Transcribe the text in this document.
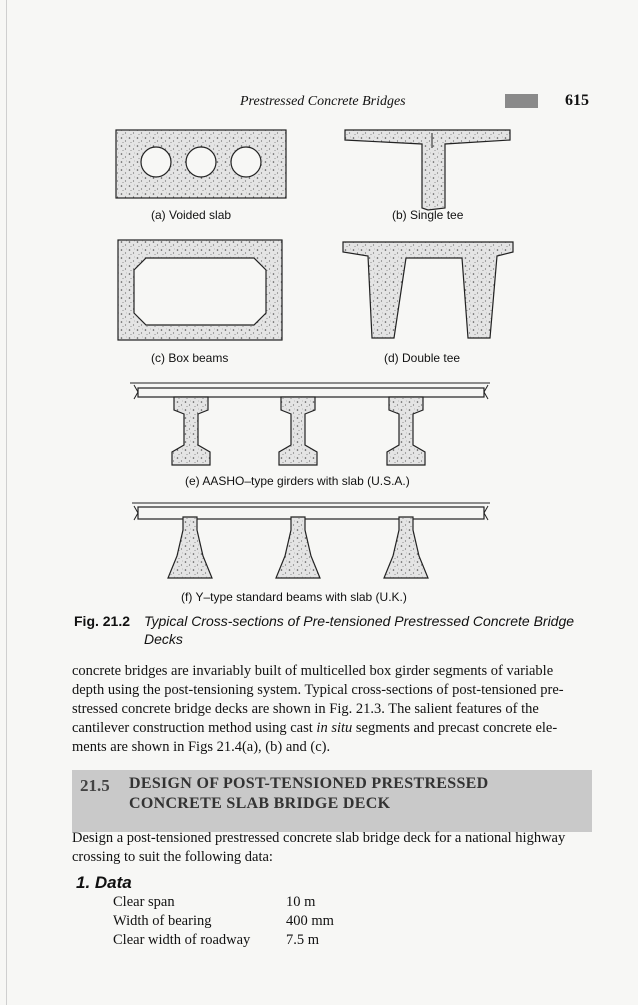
Prestressed Concrete Bridges	615
(a) Voided slab	(b) Single tee
(c) Box beams	(d) Double tee
(e) AASHO–type girders with slab (U.S.A.)
(f) Y–type standard beams with slab (U.K.)
Fig. 21.2 Typical Cross-sections of Pre-tensioned Prestressed Concrete Bridge
Decks
concrete bridges are invariably built of multicelled box girder segments of variable
depth using the post-tensioning system. Typical cross-sections of post-tensioned pre-
stressed concrete bridge decks are shown in Fig. 21.3. The salient features of the
cantilever construction method using cast in situ segments and precast concrete ele-
ments are shown in Figs 21.4(a), (b) and (c).
21.5 DESIGN OF POST-TENSIONED PRESTRESSED
CONCRETE SLAB BRIDGE DECK
Design a post-tensioned prestressed concrete slab bridge deck for a national highway
crossing to suit the following data:
1. Data
Clear span	10 m
Width of bearing	400 mm
Clear width of roadway	7.5 m
